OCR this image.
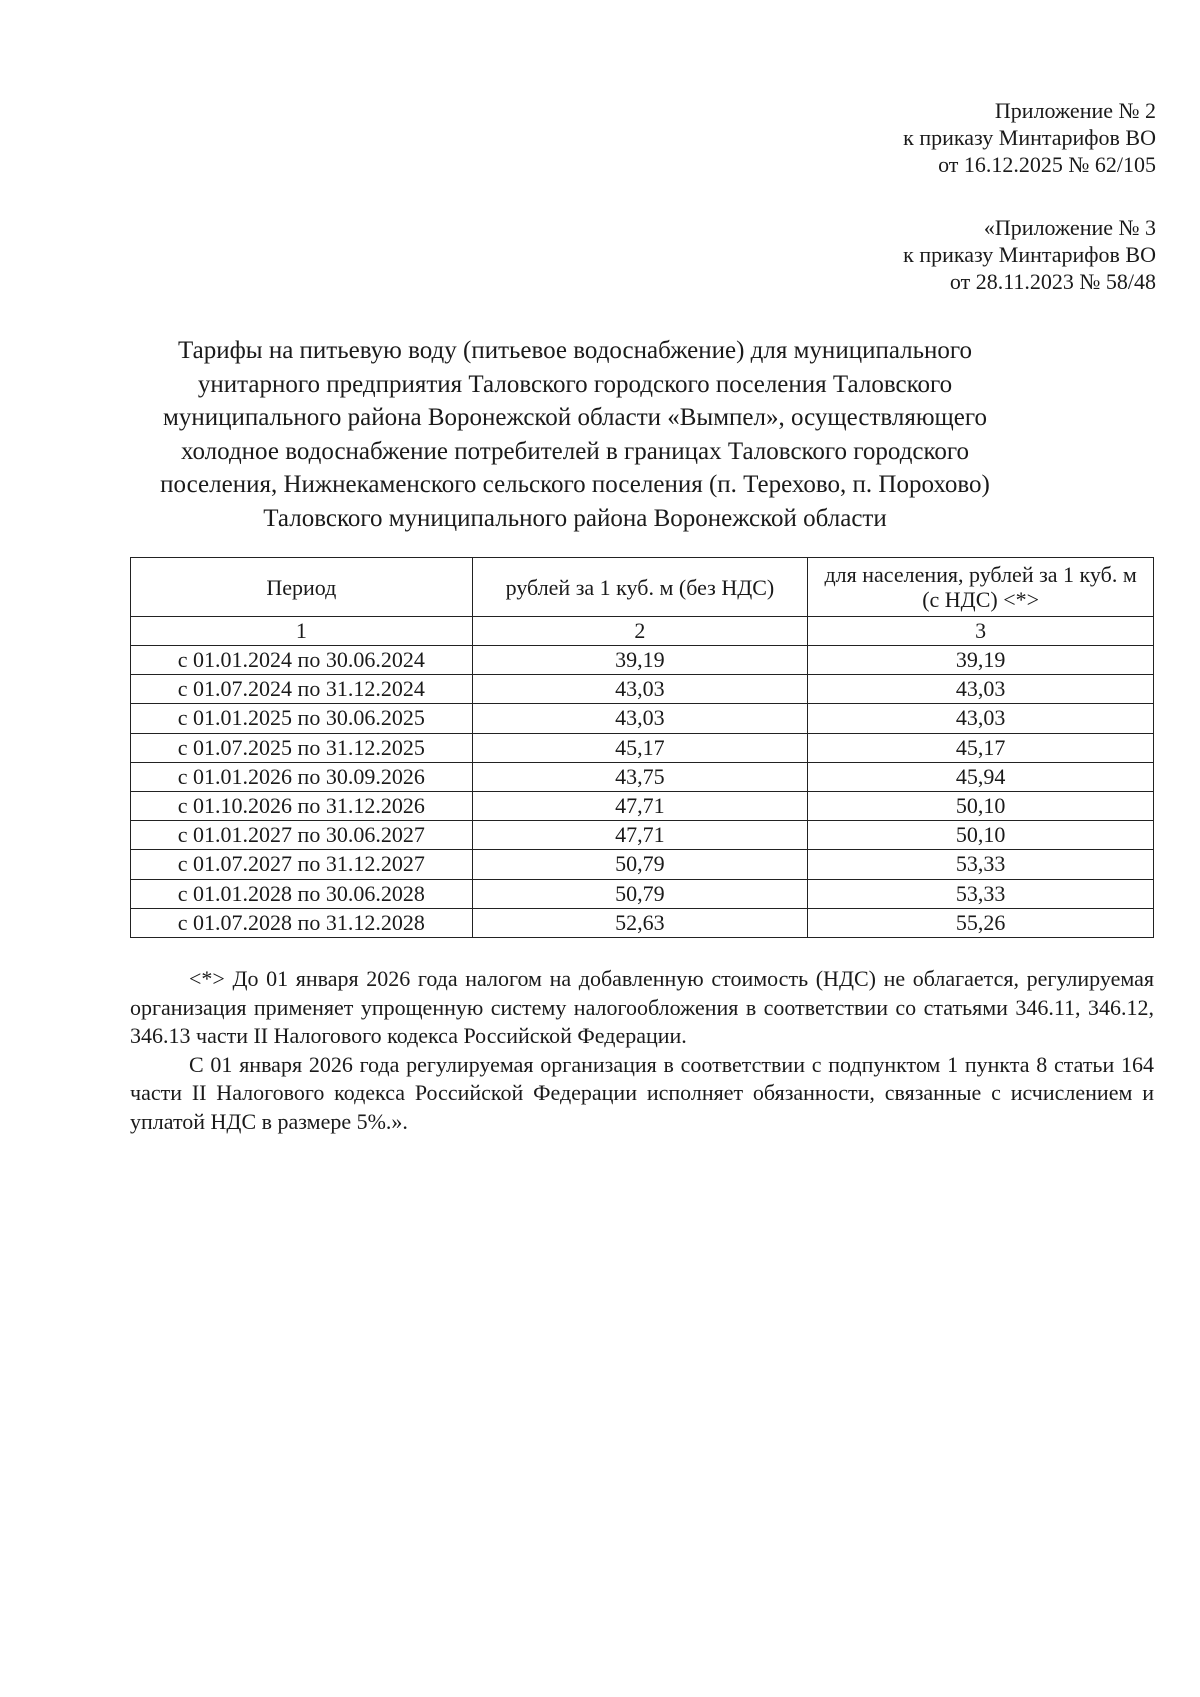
Приложение № 2
к приказу Минтарифов ВО
от 16.12.2025 № 62/105
«Приложение № 3
к приказу Минтарифов ВО
от 28.11.2023 № 58/48
Тарифы на питьевую воду (питьевое водоснабжение) для муниципального
унитарного предприятия Таловского городского поселения Таловского
муниципального района Воронежской области «Вымпел», осуществляющего
холодное водоснабжение потребителей в границах Таловского городского
поселения, Нижнекаменского сельского поселения (п. Терехово, п. Порохово)
Таловского муниципального района Воронежской области
Период	рублей за 1 куб. м (без НДС)	для населения, рублей за 1 куб. м (с НДС) <*>
1	2	3
с 01.01.2024 по 30.06.2024	39,19	39,19
с 01.07.2024 по 31.12.2024	43,03	43,03
с 01.01.2025 по 30.06.2025	43,03	43,03
с 01.07.2025 по 31.12.2025	45,17	45,17
с 01.01.2026 по 30.09.2026	43,75	45,94
с 01.10.2026 по 31.12.2026	47,71	50,10
с 01.01.2027 по 30.06.2027	47,71	50,10
с 01.07.2027 по 31.12.2027	50,79	53,33
с 01.01.2028 по 30.06.2028	50,79	53,33
с 01.07.2028 по 31.12.2028	52,63	55,26

<*> До 01 января 2026 года налогом на добавленную стоимость (НДС) не облагается, регулируемая организация применяет упрощенную систему налогообложения в соответствии со статьями 346.11, 346.12, 346.13 части II Налогового кодекса Российской Федерации.

С 01 января 2026 года регулируемая организация в соответствии с подпунктом 1 пункта 8 статьи 164 части II Налогового кодекса Российской Федерации исполняет обязанности, связанные с исчислением и уплатой НДС в размере 5%.».
